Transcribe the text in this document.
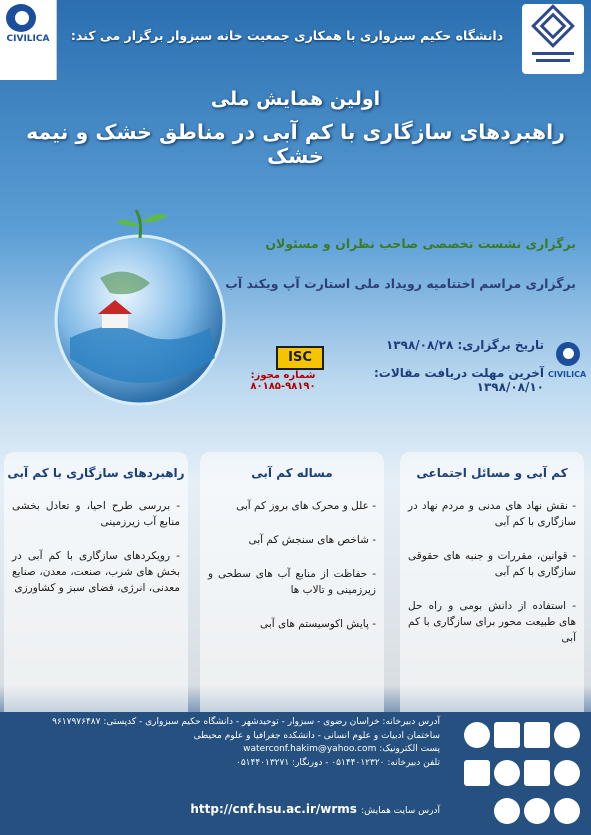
CIVILICA	دانشگاه حکیم سبزواری با همکاری جمعیت خانه سبزوار برگزار می کند:
اولین همایش ملی
راهبردهای سازگاری با کم آبی در مناطق خشک و نیمه خشک
برگزاری نشست تخصصی صاحب نظران و مسئولان
برگزاری مراسم اختتامیه رویداد ملی استارت آپ ویکند آب
ISC
شماره مجوز: ۹۸۱۹۰-۸۰۱۸۵
تاریخ برگزاری: ۱۳۹۸/۰۸/۲۸
آخرین مهلت دریافت مقالات: ۱۳۹۸/۰۸/۱۰
CIVILICA
کم آبی و مسائل اجتماعی

- نقش نهاد های مدنی و مردم نهاد در سازگاری با کم آبی

- قوانین، مقررات و جنبه های حقوقی سازگاری با کم آبی

- استفاده از دانش بومی و راه حل های طبیعت محور برای سازگاری با کم آبی

مساله کم آبی

- علل و محرک های بروز کم آبی

- شاخص های سنجش کم آبی

- حفاظت از منابع آب های سطحی و زیرزمینی و تالاب ها

- پایش اکوسیستم های آبی

راهبردهای سازگاری با کم آبی

- بررسی طرح احیا، و تعادل بخشی منابع آب زیرزمینی

- رویکردهای سازگاری با کم آبی در بخش های شرب، صنعت، معدن، صنایع معدنی، انرژی، فضای سبز و کشاورزی

آدرس دبیرخانه: خراسان رضوی - سبزوار - توحیدشهر - دانشگاه حکیم سبزواری - کدپستی: ۹۶۱۷۹۷۶۴۸۷
ساختمان ادبیات و علوم انسانی - دانشکده جغرافیا و علوم محیطی
پست الکترونیک: waterconf.hakim@yahoo.com
تلفن دبیرخانه: ۰۵۱۴۴۰۱۲۳۲۰ - دورنگار: ۰۵۱۴۴۰۱۳۲۷۱
آدرس سایت همایش: http://cnf.hsu.ac.ir/wrms
